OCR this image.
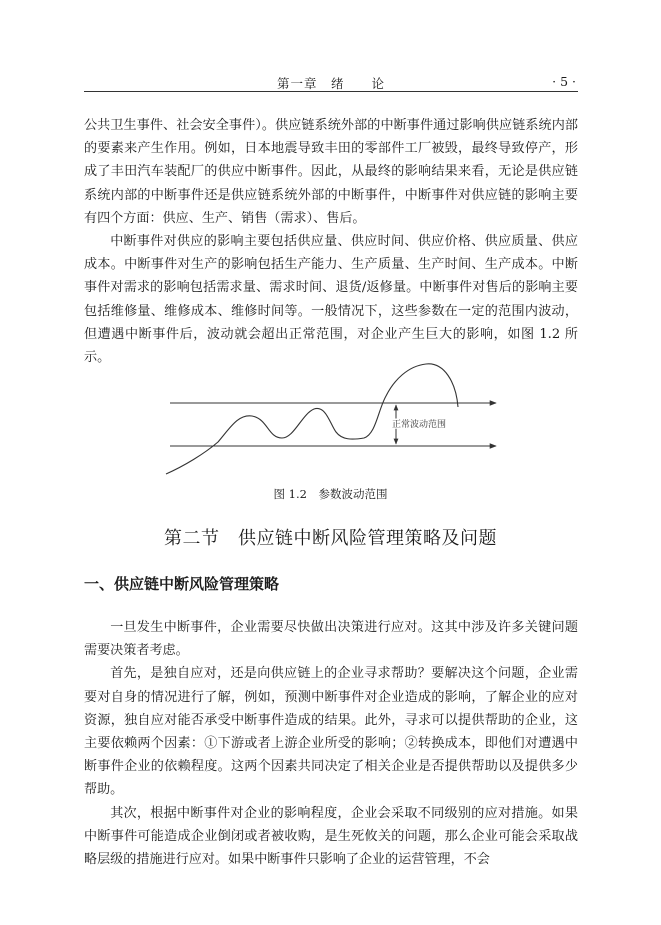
第一章　绪　　论	· 5 ·

公共卫生事件、社会安全事件）。供应链系统外部的中断事件通过影响供应链系统内部的要素来产生作用。例如，日本地震导致丰田的零部件工厂被毁，最终导致停产，形成了丰田汽车装配厂的供应中断事件。因此，从最终的影响结果来看，无论是供应链系统内部的中断事件还是供应链系统外部的中断事件，中断事件对供应链的影响主要有四个方面：供应、生产、销售（需求）、售后。

中断事件对供应的影响主要包括供应量、供应时间、供应价格、供应质量、供应成本。中断事件对生产的影响包括生产能力、生产质量、生产时间、生产成本。中断事件对需求的影响包括需求量、需求时间、退货/返修量。中断事件对售后的影响主要包括维修量、维修成本、维修时间等。一般情况下，这些参数在一定的范围内波动，但遭遇中断事件后，波动就会超出正常范围，对企业产生巨大的影响，如图 1.2 所示。

正常波动范围
图 1.2　参数波动范围
第二节　供应链中断风险管理策略及问题
一、供应链中断风险管理策略

一旦发生中断事件，企业需要尽快做出决策进行应对。这其中涉及许多关键问题需要决策者考虑。

首先，是独自应对，还是向供应链上的企业寻求帮助？要解决这个问题，企业需要对自身的情况进行了解，例如，预测中断事件对企业造成的影响，了解企业的应对资源，独自应对能否承受中断事件造成的结果。此外，寻求可以提供帮助的企业，这主要依赖两个因素：①下游或者上游企业所受的影响；②转换成本，即他们对遭遇中断事件企业的依赖程度。这两个因素共同决定了相关企业是否提供帮助以及提供多少帮助。

其次，根据中断事件对企业的影响程度，企业会采取不同级别的应对措施。如果中断事件可能造成企业倒闭或者被收购，是生死攸关的问题，那么企业可能会采取战略层级的措施进行应对。如果中断事件只影响了企业的运营管理，不会
